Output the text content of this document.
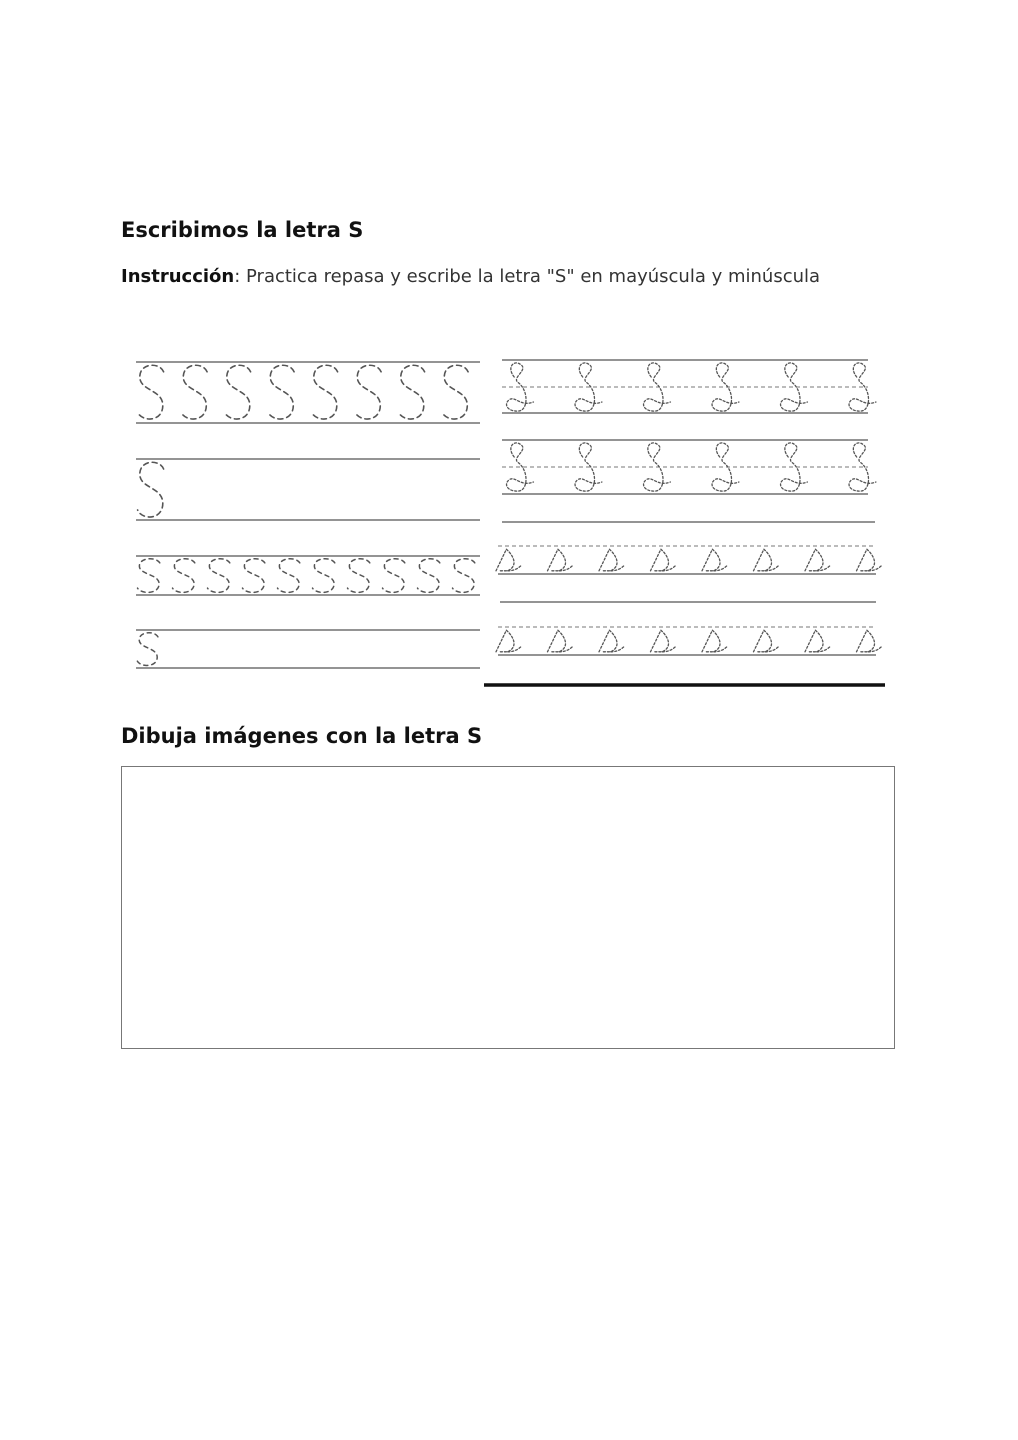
Escribimos la letra S

Instrucción: Practica repasa y escribe la letra "S" en mayúscula y minúscula

Dibuja imágenes con la letra S
